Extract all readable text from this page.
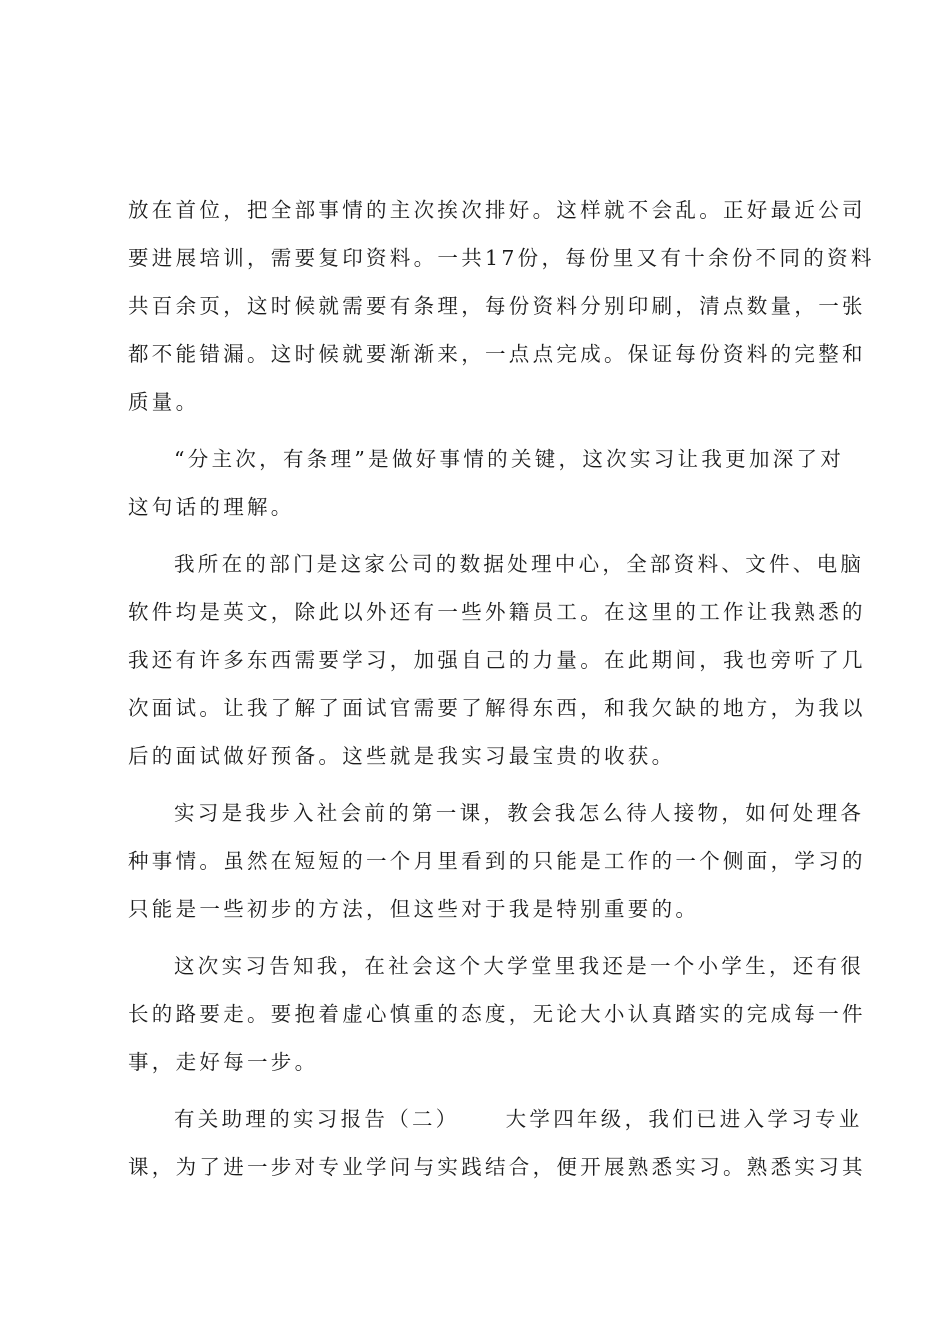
放在首位，把全部事情的主次挨次排好。这样就不会乱。正好最近公司
要进展培训，需要复印资料。一共17份，每份里又有十余份不同的资料
共百余页，这时候就需要有条理，每份资料分别印刷，清点数量，一张
都不能错漏。这时候就要渐渐来，一点点完成。保证每份资料的完整和
质量。
“分主次，有条理”是做好事情的关键，这次实习让我更加深了对
这句话的理解。
我所在的部门是这家公司的数据处理中心，全部资料、文件、电脑
软件均是英文，除此以外还有一些外籍员工。在这里的工作让我熟悉的
我还有许多东西需要学习，加强自己的力量。在此期间，我也旁听了几
次面试。让我了解了面试官需要了解得东西，和我欠缺的地方，为我以
后的面试做好预备。这些就是我实习最宝贵的收获。
实习是我步入社会前的第一课，教会我怎么待人接物，如何处理各
种事情。虽然在短短的一个月里看到的只能是工作的一个侧面，学习的
只能是一些初步的方法，但这些对于我是特别重要的。
这次实习告知我，在社会这个大学堂里我还是一个小学生，还有很
长的路要走。要抱着虚心慎重的态度，无论大小认真踏实的完成每一件
事，走好每一步。
有关助理的实习报告（二） 大学四年级，我们已进入学习专业
课，为了进一步对专业学问与实践结合，便开展熟悉实习。熟悉实习其
